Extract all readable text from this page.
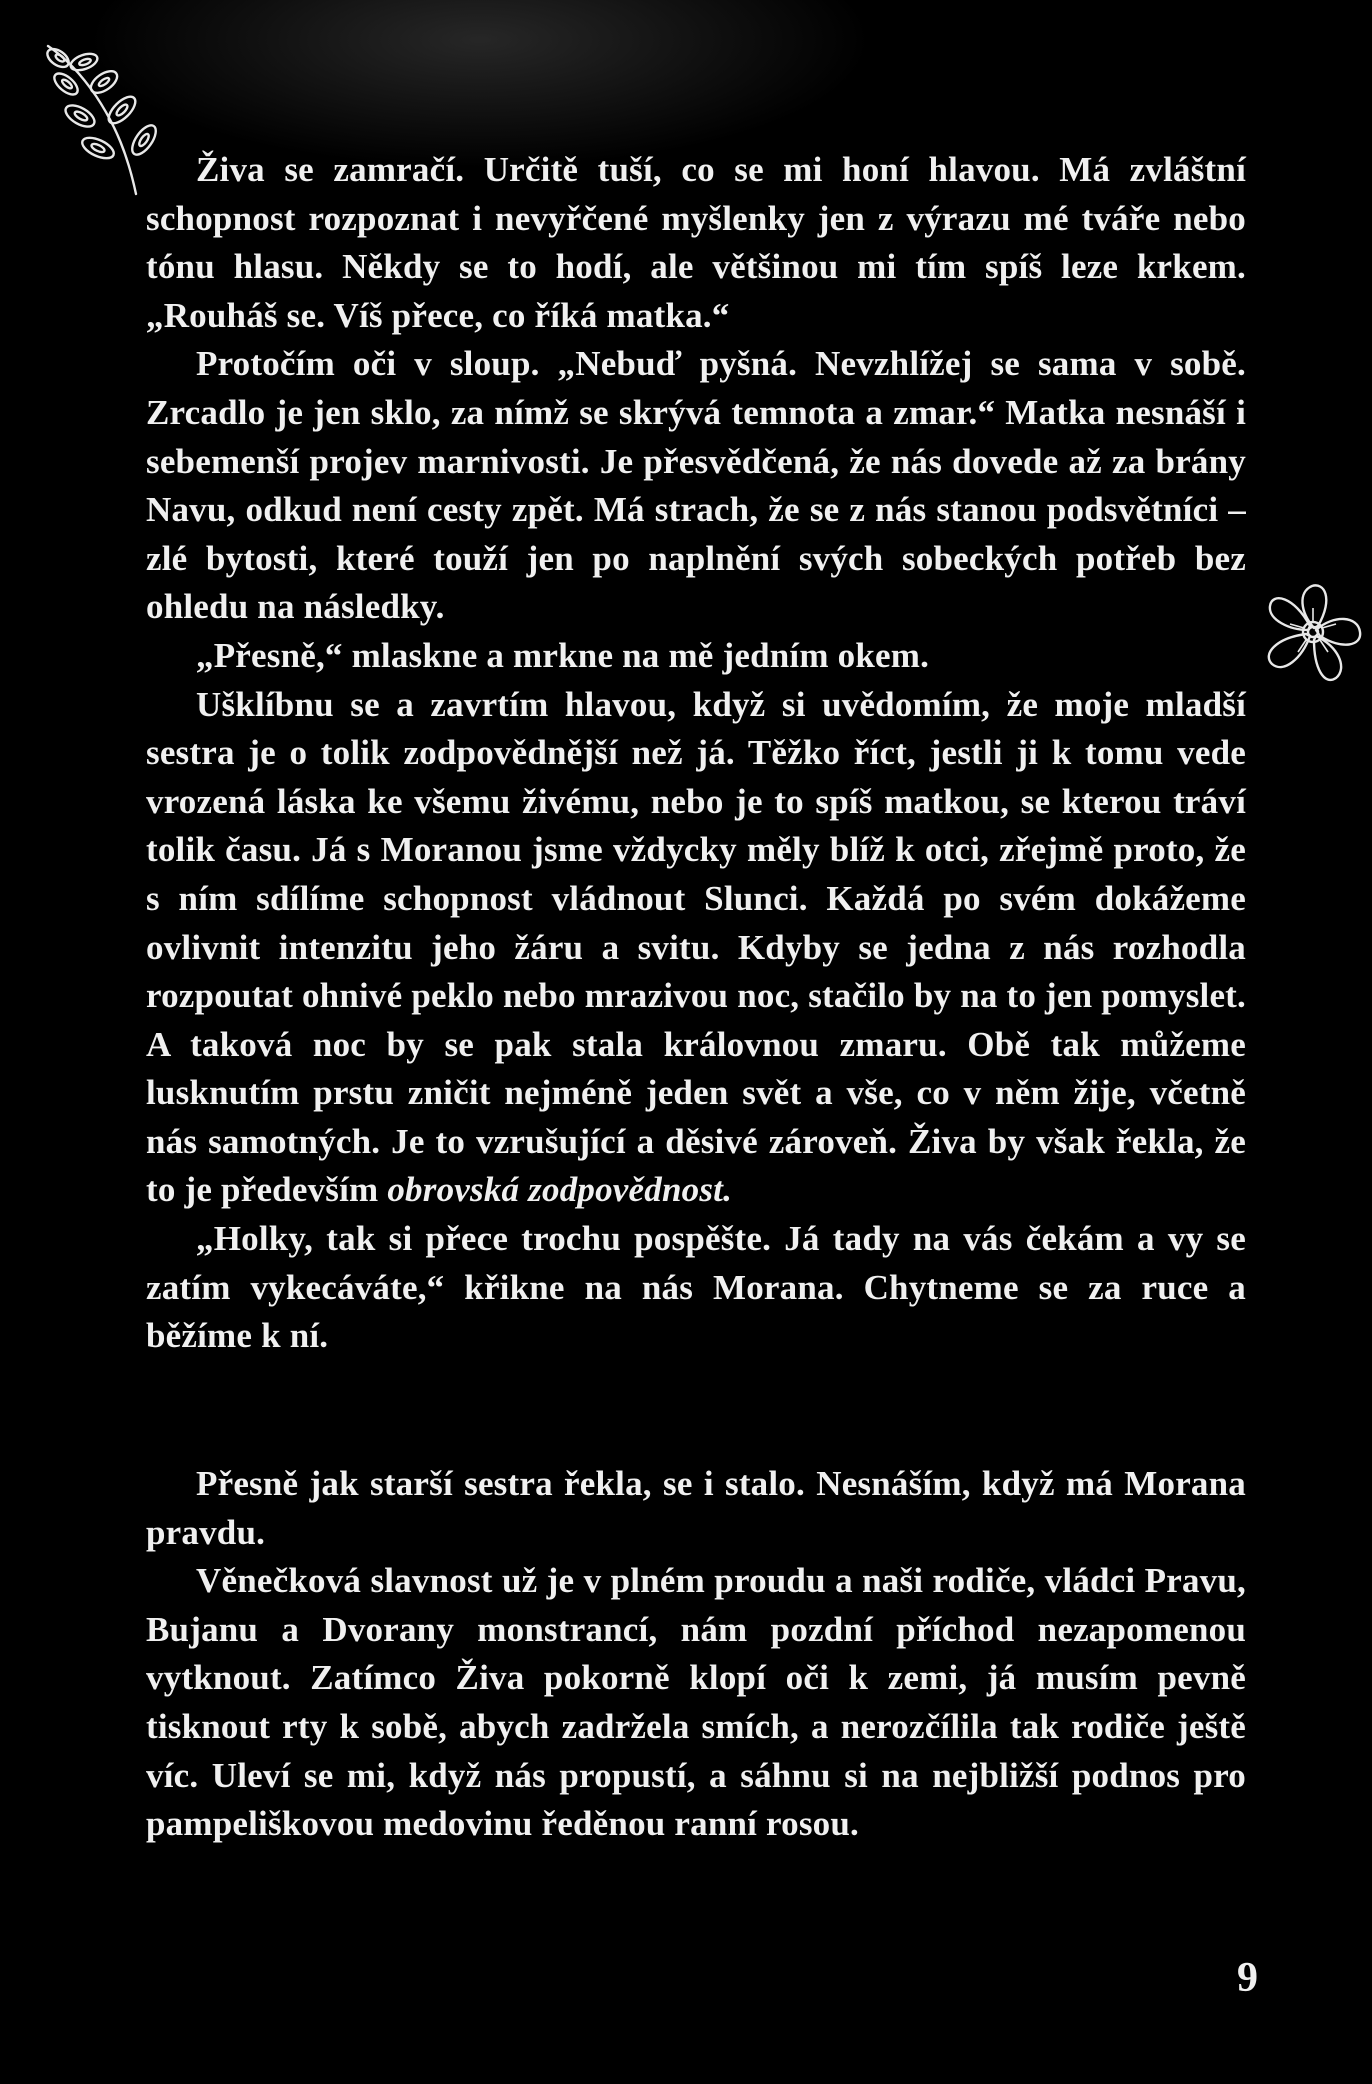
Živa se zamračí. Určitě tuší, co se mi honí hlavou. Má zvláštní schopnost rozpoznat i nevyřčené myšlenky jen z výrazu mé tváře nebo tónu hlasu. Někdy se to hodí, ale většinou mi tím spíš leze krkem. „Rouháš se. Víš přece, co říká matka.“

Protočím oči v sloup. „Nebuď pyšná. Nevzhlížej se sama v sobě. Zrcadlo je jen sklo, za nímž se skrývá temnota a zmar.“ Matka nesnáší i sebemenší projev marnivosti. Je přesvědčená, že nás dovede až za brány Navu, odkud není cesty zpět. Má strach, že se z nás stanou podsvětníci – zlé bytosti, které touží jen po naplnění svých sobeckých potřeb bez ohledu na následky.

„Přesně,“ mlaskne a mrkne na mě jedním okem.

Ušklíbnu se a zavrtím hlavou, když si uvědomím, že moje mladší sestra je o tolik zodpovědnější než já. Těžko říct, jestli ji k tomu vede vrozená láska ke všemu živému, nebo je to spíš matkou, se kterou tráví tolik času. Já s Moranou jsme vždycky měly blíž k otci, zřejmě proto, že s ním sdílíme schopnost vládnout Slunci. Každá po svém dokážeme ovlivnit intenzitu jeho žáru a svitu. Kdyby se jedna z nás rozhodla rozpoutat ohnivé peklo nebo mrazivou noc, stačilo by na to jen pomyslet. A taková noc by se pak stala královnou zmaru. Obě tak můžeme lusknutím prstu zničit nejméně jeden svět a vše, co v něm žije, včetně nás samotných. Je to vzrušující a děsivé zároveň. Živa by však řekla, že to je především obrovská zodpovědnost.

„Holky, tak si přece trochu pospěšte. Já tady na vás čekám a vy se zatím vykecáváte,“ křikne na nás Morana. Chytneme se za ruce a běžíme k ní.

Přesně jak starší sestra řekla, se i stalo. Nesnáším, když má Morana pravdu.

Věnečková slavnost už je v plném proudu a naši rodiče, vládci Pravu, Bujanu a Dvorany monstrancí, nám pozdní příchod nezapomenou vytknout. Zatímco Živa pokorně klopí oči k zemi, já musím pevně tisknout rty k sobě, abych zadržela smích, a nerozčílila tak rodiče ještě víc. Uleví se mi, když nás propustí, a sáhnu si na nejbližší podnos pro pampeliškovou medovinu ředěnou ranní rosou.

9
